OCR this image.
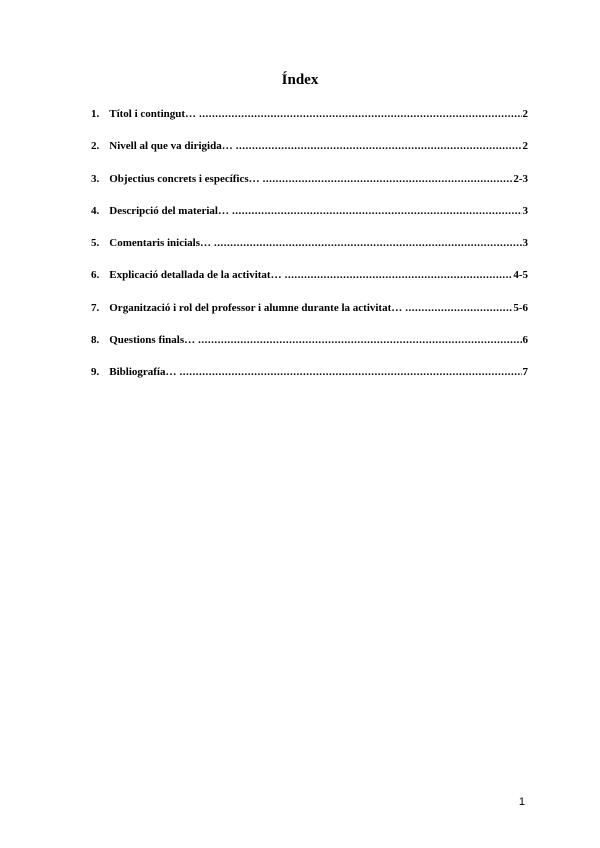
Índex
1. Títol i contingut… .....	2
2. Nivell al que va dirigida… .....	2
3. Objectius concrets i específics… .....	2-3
4. Descripció del material… .....	3
5. Comentaris inicials… .....	3
6. Explicació detallada de la activitat… .....	4-5
7. Organització i rol del professor i alumne durante la activitat… .....	5-6
8. Questions finals… .....	6
9. Bibliografía… .....	7
1
